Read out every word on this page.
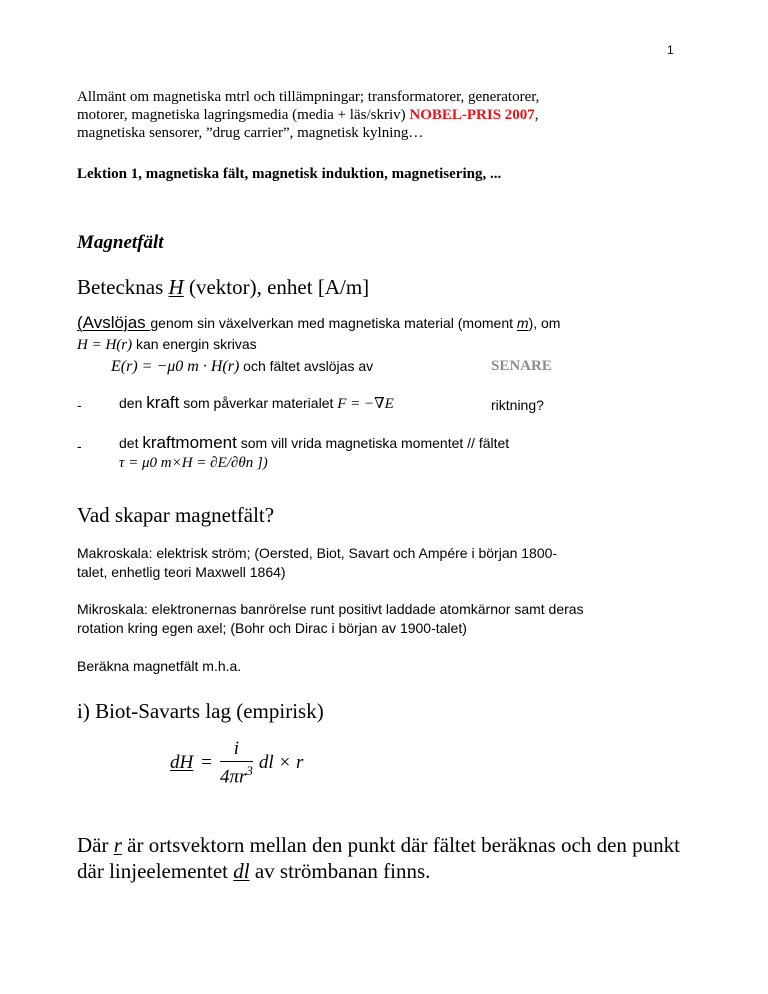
1
Allmänt om magnetiska mtrl och tillämpningar; transformatorer, generatorer,
motorer, magnetiska lagringsmedia (media + läs/skriv) NOBEL-PRIS 2007,
magnetiska sensorer, ”drug carrier”, magnetisk kylning…
Lektion 1, magnetiska fält, magnetisk induktion, magnetisering, ...
Magnetfält
Betecknas H (vektor), enhet [A/m]
(Avslöjas genom sin växelverkan med magnetiska material (moment m), om
H = H(r) kan energin skrivas
E(r) = −μ0 m · H(r) och fältet avslöjas av	SENARE
-	den kraft som påverkar materialet F = −∇E	riktning?
-	det kraftmoment som vill vrida magnetiska momentet // fältet
τ = μ0 m×H = ∂E/∂θn ])
Vad skapar magnetfält?
Makroskala: elektrisk ström; (Oersted, Biot, Savart och Ampére i början 1800-
talet, enhetlig teori Maxwell 1864)
Mikroskala: elektronernas banrörelse runt positivt laddade atomkärnor samt deras
rotation kring egen axel; (Bohr och Dirac i början av 1900-talet)
Beräkna magnetfält m.h.a.
i) Biot-Savarts lag (empirisk)
dH = $\frac{i}{4\pi r^3}$ dl × r
Där r är ortsvektorn mellan den punkt där fältet beräknas och den punkt
där linjeelementet dl av strömbanan finns.
